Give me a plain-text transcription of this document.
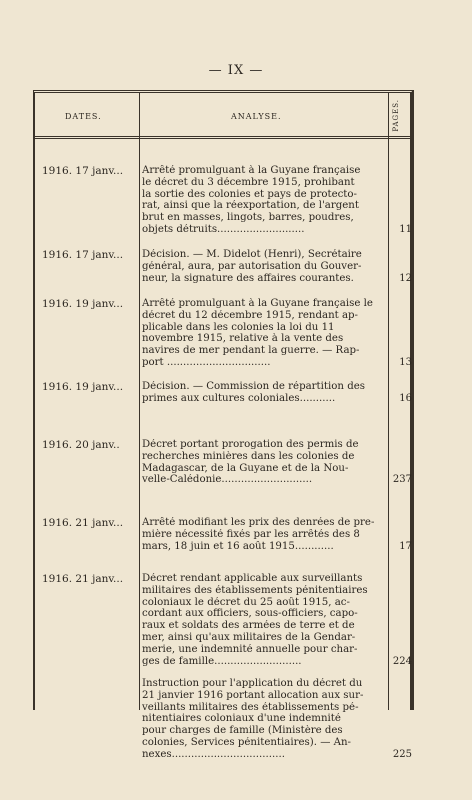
— IX —
DATES.	ANALYSE.	PAGES.
1916. 17 janv... Arrêté promulguant à la Guyane française
le décret du 3 décembre 1915, prohibant
la sortie des colonies et pays de protecto-
rat, ainsi que la réexportation, de l'argent
brut en masses, lingots, barres, poudres,
objets détruits...........................	11
1916. 17 janv... Décision. — M. Didelot (Henri), Secrétaire
général, aura, par autorisation du Gouver-
neur, la signature des affaires courantes.	12
1916. 19 janv... Arrêté promulguant à la Guyane française le
décret du 12 décembre 1915, rendant ap-
plicable dans les colonies la loi du 11
novembre 1915, relative à la vente des
navires de mer pendant la guerre. — Rap-
port ................................	13
1916. 19 janv... Décision. — Commission de répartition des
primes aux cultures coloniales...........	16
1916. 20 janv.. Décret portant prorogation des permis de
recherches minières dans les colonies de
Madagascar, de la Guyane et de la Nou-
velle-Calédonie............................	237
1916. 21 janv... Arrêté modifiant les prix des denrées de pre-
mière nécessité fixés par les arrêtés des 8
mars, 18 juin et 16 août 1915............	17
1916. 21 janv... Décret rendant applicable aux surveillants
militaires des établissements pénitentiaires
coloniaux le décret du 25 août 1915, ac-
cordant aux officiers, sous-officiers, capo-
raux et soldats des armées de terre et de
mer, ainsi qu'aux militaires de la Gendar-
merie, une indemnité annuelle pour char-
ges de famille...........................	224
Instruction pour l'application du décret du
21 janvier 1916 portant allocation aux sur-
veillants militaires des établissements pé-
nitentiaires coloniaux d'une indemnité
pour charges de famille (Ministère des
colonies, Services pénitentiaires). — An-
nexes...................................	225
